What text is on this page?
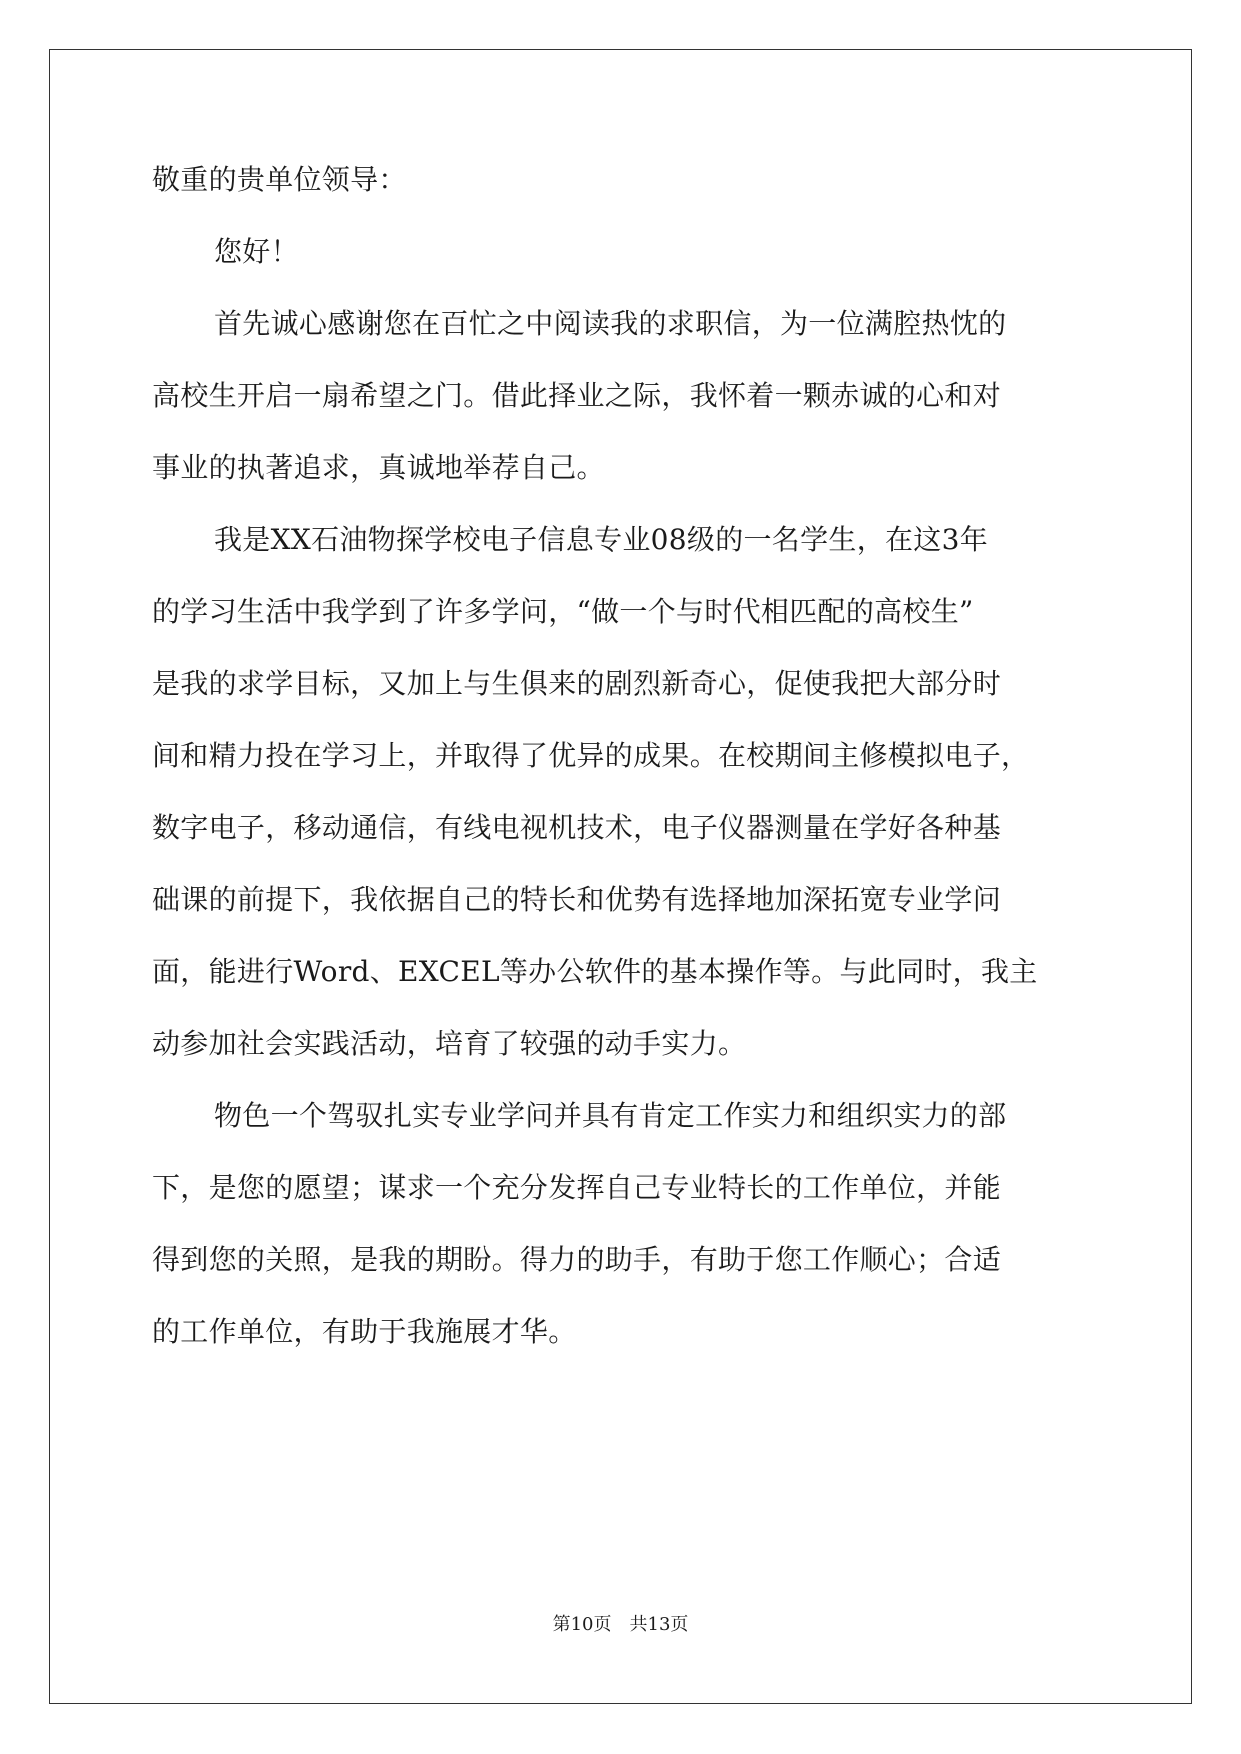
敬重的贵单位领导：
您好！
首先诚心感谢您在百忙之中阅读我的求职信，为一位满腔热忱的
高校生开启一扇希望之门。借此择业之际，我怀着一颗赤诚的心和对
事业的执著追求，真诚地举荐自己。
我是XX石油物探学校电子信息专业08级的一名学生，在这3年
的学习生活中我学到了许多学问，“做一个与时代相匹配的高校生”
是我的求学目标，又加上与生俱来的剧烈新奇心，促使我把大部分时
间和精力投在学习上，并取得了优异的成果。在校期间主修模拟电子，
数字电子，移动通信，有线电视机技术，电子仪器测量在学好各种基
础课的前提下，我依据自己的特长和优势有选择地加深拓宽专业学问
面，能进行Word、EXCEL等办公软件的基本操作等。与此同时，我主
动参加社会实践活动，培育了较强的动手实力。
物色一个驾驭扎实专业学问并具有肯定工作实力和组织实力的部
下，是您的愿望；谋求一个充分发挥自己专业特长的工作单位，并能
得到您的关照，是我的期盼。得力的助手，有助于您工作顺心；合适
的工作单位，有助于我施展才华。
第10页 共13页
